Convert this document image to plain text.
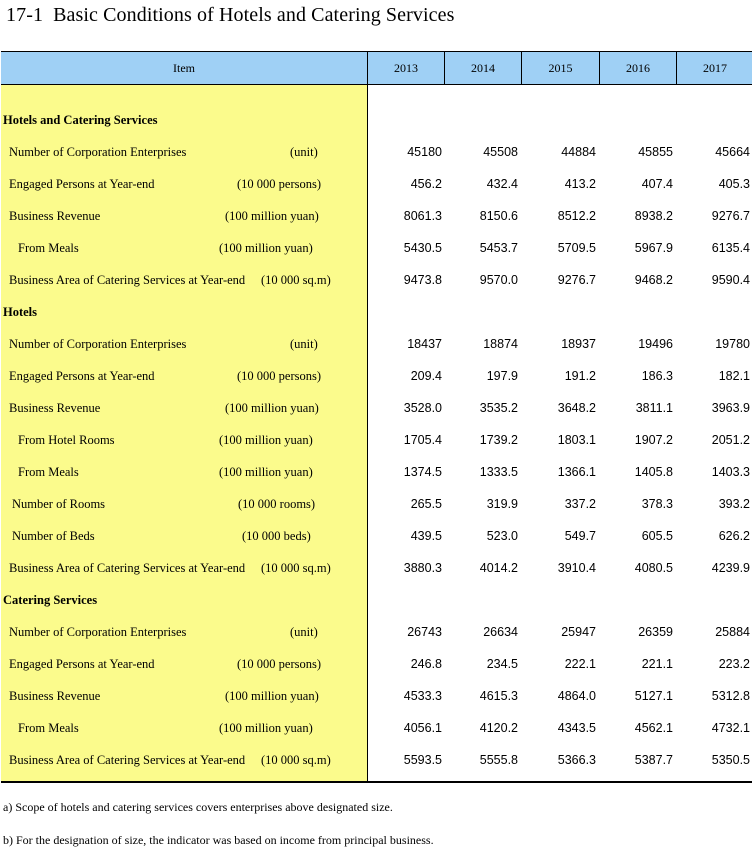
17-1 Basic Conditions of Hotels and Catering Services
Item	2013	2014	2015	2016	2017
Hotels and Catering Services
Number of Corporation Enterprises	(unit)	45180	45508	44884	45855	45664
Engaged Persons at Year-end	(10 000 persons)	456.2	432.4	413.2	407.4	405.3
Business Revenue	(100 million yuan)	8061.3	8150.6	8512.2	8938.2	9276.7
From Meals	(100 million yuan)	5430.5	5453.7	5709.5	5967.9	6135.4
Business Area of Catering Services at Year-end (10 000 sq.m)	9473.8	9570.0	9276.7	9468.2	9590.4
Hotels
Number of Corporation Enterprises	(unit)	18437	18874	18937	19496	19780
Engaged Persons at Year-end	(10 000 persons)	209.4	197.9	191.2	186.3	182.1
Business Revenue	(100 million yuan)	3528.0	3535.2	3648.2	3811.1	3963.9
From Hotel Rooms	(100 million yuan)	1705.4	1739.2	1803.1	1907.2	2051.2
From Meals	(100 million yuan)	1374.5	1333.5	1366.1	1405.8	1403.3
Number of Rooms	(10 000 rooms)	265.5	319.9	337.2	378.3	393.2
Number of Beds	(10 000 beds)	439.5	523.0	549.7	605.5	626.2
Business Area of Catering Services at Year-end (10 000 sq.m)	3880.3	4014.2	3910.4	4080.5	4239.9
Catering Services
Number of Corporation Enterprises	(unit)	26743	26634	25947	26359	25884
Engaged Persons at Year-end	(10 000 persons)	246.8	234.5	222.1	221.1	223.2
Business Revenue	(100 million yuan)	4533.3	4615.3	4864.0	5127.1	5312.8
From Meals	(100 million yuan)	4056.1	4120.2	4343.5	4562.1	4732.1
Business Area of Catering Services at Year-end (10 000 sq.m)	5593.5	5555.8	5366.3	5387.7	5350.5
a) Scope of hotels and catering services covers enterprises above designated size.
b) For the designation of size, the indicator was based on income from principal business.
